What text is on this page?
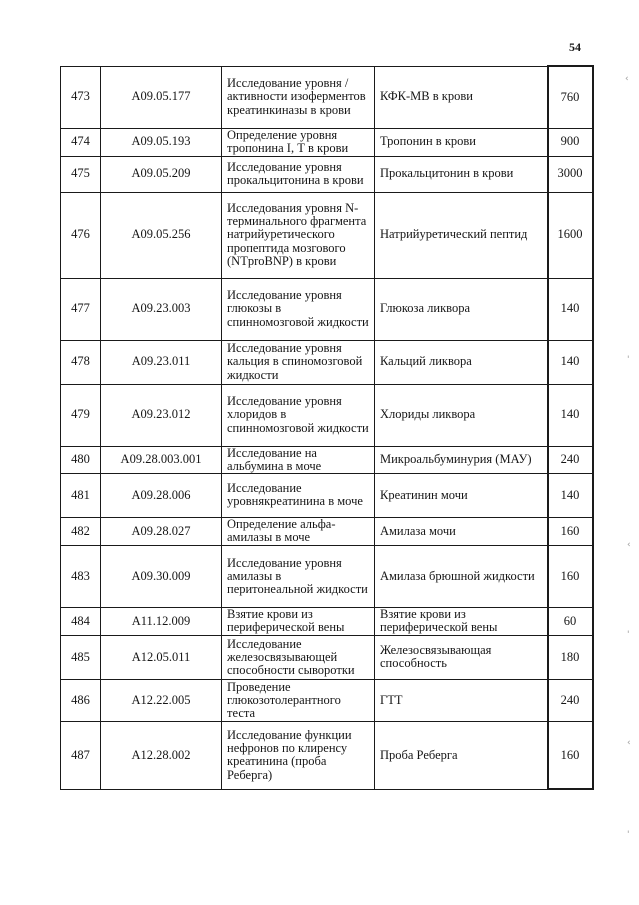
54
473	A09.05.177	Исследование уровня /активности изоферментов креатинкиназы в крови	КФК-МВ в крови	760
474	A09.05.193	Определение уровня тропонина I, Т в крови	Тропонин в крови	900
475	A09.05.209	Исследование уровня прокальцитонина в крови	Прокальцитонин в крови	3000
476	A09.05.256	Исследования уровня N-терминального фрагмента натрийуретического пропептида мозгового (NTproBNP) в крови	Натрийуретический пептид	1600
477	A09.23.003	Исследование уровня глюкозы в спинномозговой жидкости	Глюкоза ликвора	140
478	A09.23.011	Исследование уровня кальция в спиномозговой жидкости	Кальций ликвора	140
479	A09.23.012	Исследование уровня хлоридов в спинномозговой жидкости	Хлориды ликвора	140
480	A09.28.003.001	Исследование на альбумина в моче	Микроальбуминурия (МАУ)	240
481	A09.28.006	Исследование уровнякреатинина в моче	Креатинин мочи	140
482	A09.28.027	Определение альфа-амилазы в моче	Амилаза мочи	160
483	A09.30.009	Исследование уровня амилазы в перитонеальной жидкости	Амилаза брюшной жидкости	160
484	A11.12.009	Взятие крови из периферической вены	Взятие крови из периферической вены	60
485	A12.05.011	Исследование железосвязывающей способности сыворотки	Железосвязывающая способность	180
486	A12.22.005	Проведение глюкозотолерантного теста	ГТТ	240
487	A12.28.002	Исследование функции нефронов по клиренсу креатинина (проба Реберга)	Проба Реберга	160
‹
'
‹
'
‹
'
